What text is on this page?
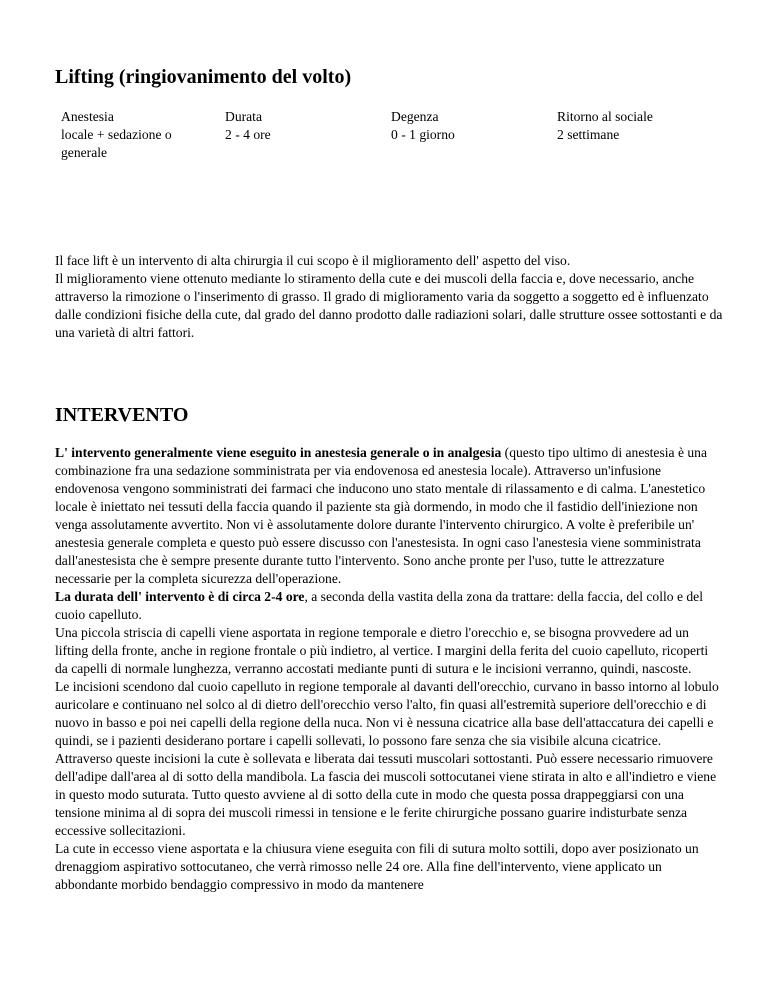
Lifting (ringiovanimento del volto)
Anestesia
locale + sedazione o generale
Durata
2 - 4 ore
Degenza
0 - 1 giorno
Ritorno al sociale
2 settimane

Il face lift è un intervento di alta chirurgia il cui scopo è il miglioramento dell' aspetto del viso.

Il miglioramento viene ottenuto mediante lo stiramento della cute e dei muscoli della faccia e, dove necessario, anche attraverso la rimozione o l'inserimento di grasso. Il grado di miglioramento varia da soggetto a soggetto ed è influenzato dalle condizioni fisiche della cute, dal grado del danno prodotto dalle radiazioni solari, dalle strutture ossee sottostanti e da una varietà di altri fattori.

INTERVENTO

L' intervento generalmente viene eseguito in anestesia generale o in analgesia (questo tipo ultimo di anestesia è una combinazione fra una sedazione somministrata per via endovenosa ed anestesia locale). Attraverso un'infusione endovenosa vengono somministrati dei farmaci che inducono uno stato mentale di rilassamento e di calma. L'anestetico locale è iniettato nei tessuti della faccia quando il paziente sta già dormendo, in modo che il fastidio dell'iniezione non venga assolutamente avvertito. Non vi è assolutamente dolore durante l'intervento chirurgico. A volte è preferibile un' anestesia generale completa e questo può essere discusso con l'anestesista. In ogni caso l'anestesia viene somministrata dall'anestesista che è sempre presente durante tutto l'intervento. Sono anche pronte per l'uso, tutte le attrezzature necessarie per la completa sicurezza dell'operazione.

La durata dell' intervento è di circa 2-4 ore, a seconda della vastita della zona da trattare: della faccia, del collo e del cuoio capelluto.

Una piccola striscia di capelli viene asportata in regione temporale e dietro l'orecchio e, se bisogna provvedere ad un lifting della fronte, anche in regione frontale o più indietro, al vertice. I margini della ferita del cuoio capelluto, ricoperti da capelli di normale lunghezza, verranno accostati mediante punti di sutura e le incisioni verranno, quindi, nascoste.

Le incisioni scendono dal cuoio capelluto in regione temporale al davanti dell'orecchio, curvano in basso intorno al lobulo auricolare e continuano nel solco al di dietro dell'orecchio verso l'alto, fin quasi all'estremità superiore dell'orecchio e di nuovo in basso e poi nei capelli della regione della nuca. Non vi è nessuna cicatrice alla base dell'attaccatura dei capelli e quindi, se i pazienti desiderano portare i capelli sollevati, lo possono fare senza che sia visibile alcuna cicatrice.

Attraverso queste incisioni la cute è sollevata e liberata dai tessuti muscolari sottostanti. Può essere necessario rimuovere dell'adipe dall'area al di sotto della mandibola. La fascia dei muscoli sottocutanei viene stirata in alto e all'indietro e viene in questo modo suturata. Tutto questo avviene al di sotto della cute in modo che questa possa drappeggiarsi con una tensione minima al di sopra dei muscoli rimessi in tensione e le ferite chirurgiche possano guarire indisturbate senza eccessive sollecitazioni.

La cute in eccesso viene asportata e la chiusura viene eseguita con fili di sutura molto sottili, dopo aver posizionato un drenaggiom aspirativo sottocutaneo, che verrà rimosso nelle 24 ore. Alla fine dell'intervento, viene applicato un abbondante morbido bendaggio compressivo in modo da mantenere
